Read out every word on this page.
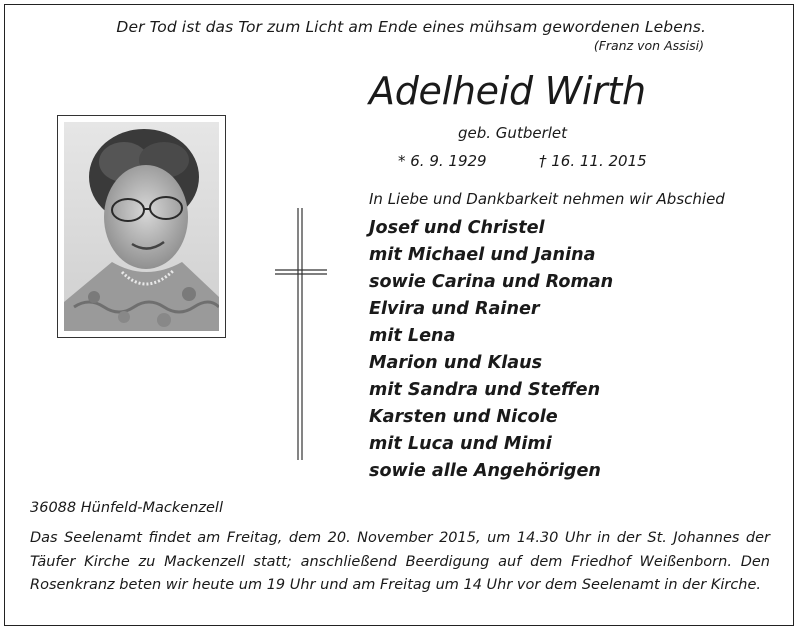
Der Tod ist das Tor zum Licht am Ende eines mühsam gewordenen Lebens.
(Franz von Assisi)
Adelheid Wirth
geb. Gutberlet
* 6. 9. 1929	† 16. 11. 2015
In Liebe und Dankbarkeit nehmen wir Abschied
Josef und Christel
mit Michael und Janina
sowie Carina und Roman
Elvira und Rainer
mit Lena
Marion und Klaus
mit Sandra und Steffen
Karsten und Nicole
mit Luca und Mimi
sowie alle Angehörigen
36088 Hünfeld-Mackenzell
Das Seelenamt findet am Freitag, dem 20. November 2015, um 14.30 Uhr in der St. Johannes der Täufer Kirche zu Mackenzell statt; anschließend Beerdigung auf dem Friedhof Weißenborn. Den Rosenkranz beten wir heute um 19 Uhr und am Freitag um 14 Uhr vor dem Seelenamt in der Kirche.
